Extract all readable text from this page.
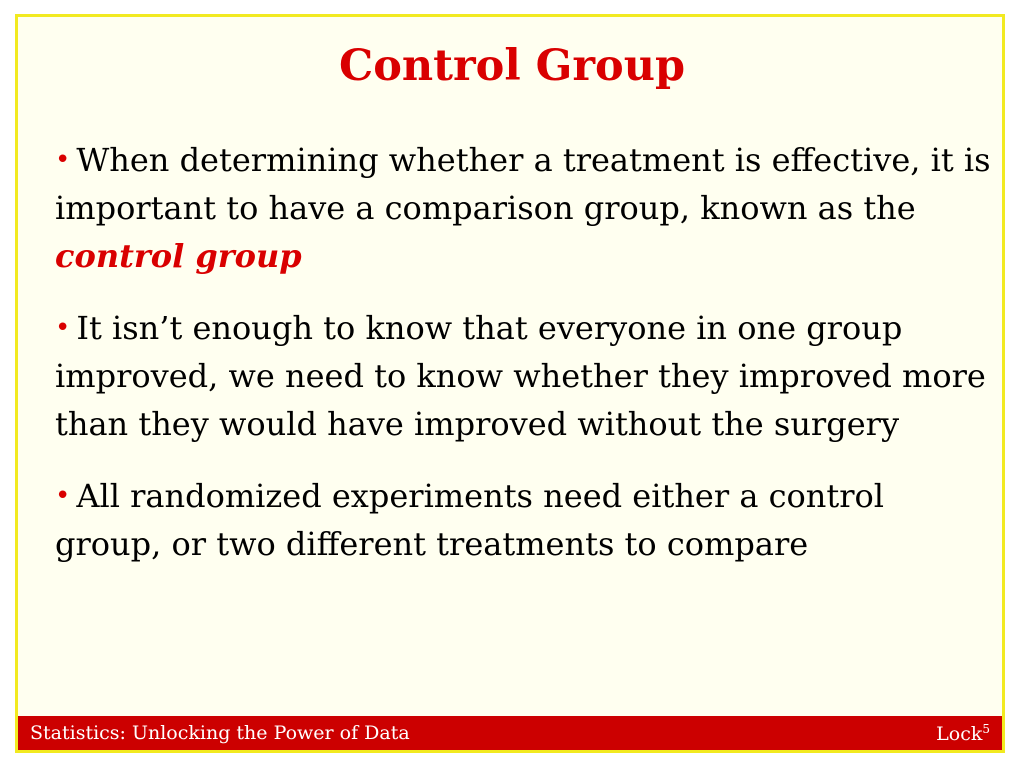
Control Group
• When determining whether a treatment is effective, it is important to have a comparison group, known as the control group
• It isn’t enough to know that everyone in one group improved, we need to know whether they improved more than they would have improved without the surgery
• All randomized experiments need either a control group, or two different treatments to compare
Statistics: Unlocking the Power of Data	Lock$^5$
